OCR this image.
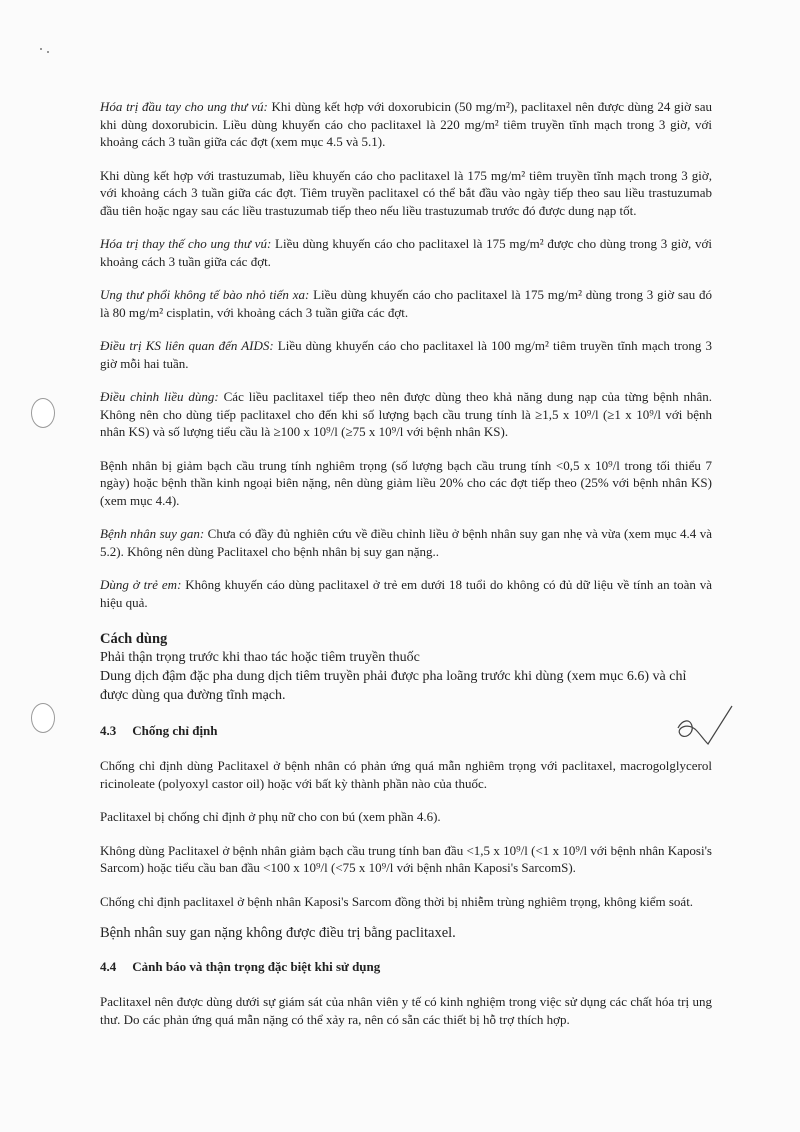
Hóa trị đầu tay cho ung thư vú: Khi dùng kết hợp với doxorubicin (50 mg/m²), paclitaxel nên được dùng 24 giờ sau khi dùng doxorubicin. Liều dùng khuyến cáo cho paclitaxel là 220 mg/m² tiêm truyền tĩnh mạch trong 3 giờ, với khoảng cách 3 tuần giữa các đợt (xem mục 4.5 và 5.1).

Khi dùng kết hợp với trastuzumab, liều khuyến cáo cho paclitaxel là 175 mg/m² tiêm truyền tĩnh mạch trong 3 giờ, với khoảng cách 3 tuần giữa các đợt. Tiêm truyền paclitaxel có thể bắt đầu vào ngày tiếp theo sau liều trastuzumab đầu tiên hoặc ngay sau các liều trastuzumab tiếp theo nếu liều trastuzumab trước đó được dung nạp tốt.

Hóa trị thay thế cho ung thư vú: Liều dùng khuyến cáo cho paclitaxel là 175 mg/m² được cho dùng trong 3 giờ, với khoảng cách 3 tuần giữa các đợt.

Ung thư phổi không tế bào nhỏ tiến xa: Liều dùng khuyến cáo cho paclitaxel là 175 mg/m² dùng trong 3 giờ sau đó là 80 mg/m² cisplatin, với khoảng cách 3 tuần giữa các đợt.

Điều trị KS liên quan đến AIDS: Liều dùng khuyến cáo cho paclitaxel là 100 mg/m² tiêm truyền tĩnh mạch trong 3 giờ mỗi hai tuần.

Điều chỉnh liều dùng: Các liều paclitaxel tiếp theo nên được dùng theo khả năng dung nạp của từng bệnh nhân. Không nên cho dùng tiếp paclitaxel cho đến khi số lượng bạch cầu trung tính là ≥1,5 x 10⁹/l (≥1 x 10⁹/l với bệnh nhân KS) và số lượng tiểu cầu là ≥100 x 10⁹/l (≥75 x 10⁹/l với bệnh nhân KS).

Bệnh nhân bị giảm bạch cầu trung tính nghiêm trọng (số lượng bạch cầu trung tính <0,5 x 10⁹/l trong tối thiểu 7 ngày) hoặc bệnh thần kinh ngoại biên nặng, nên dùng giảm liều 20% cho các đợt tiếp theo (25% với bệnh nhân KS) (xem mục 4.4).

Bệnh nhân suy gan: Chưa có đầy đủ nghiên cứu về điều chỉnh liều ở bệnh nhân suy gan nhẹ và vừa (xem mục 4.4 và 5.2). Không nên dùng Paclitaxel cho bệnh nhân bị suy gan nặng..

Dùng ở trẻ em: Không khuyến cáo dùng paclitaxel ở trẻ em dưới 18 tuổi do không có đủ dữ liệu về tính an toàn và hiệu quả.

Cách dùng

Phải thận trọng trước khi thao tác hoặc tiêm truyền thuốc

Dung dịch đậm đặc pha dung dịch tiêm truyền phải được pha loãng trước khi dùng (xem mục 6.6) và chỉ được dùng qua đường tĩnh mạch.

4.3 Chống chỉ định

Chống chỉ định dùng Paclitaxel ở bệnh nhân có phản ứng quá mẫn nghiêm trọng với paclitaxel, macrogolglycerol ricinoleate (polyoxyl castor oil) hoặc với bất kỳ thành phần nào của thuốc.

Paclitaxel bị chống chỉ định ở phụ nữ cho con bú (xem phần 4.6).

Không dùng Paclitaxel ở bệnh nhân giảm bạch cầu trung tính ban đầu <1,5 x 10⁹/l (<1 x 10⁹/l với bệnh nhân Kaposi's Sarcom) hoặc tiểu cầu ban đầu <100 x 10⁹/l (<75 x 10⁹/l với bệnh nhân Kaposi's SarcomS).

Chống chỉ định paclitaxel ở bệnh nhân Kaposi's Sarcom đồng thời bị nhiễm trùng nghiêm trọng, không kiểm soát.

Bệnh nhân suy gan nặng không được điều trị bằng paclitaxel.

4.4 Cảnh báo và thận trọng đặc biệt khi sử dụng

Paclitaxel nên được dùng dưới sự giám sát của nhân viên y tế có kinh nghiệm trong việc sử dụng các chất hóa trị ung thư. Do các phản ứng quá mẫn nặng có thể xảy ra, nên có sẵn các thiết bị hỗ trợ thích hợp.
